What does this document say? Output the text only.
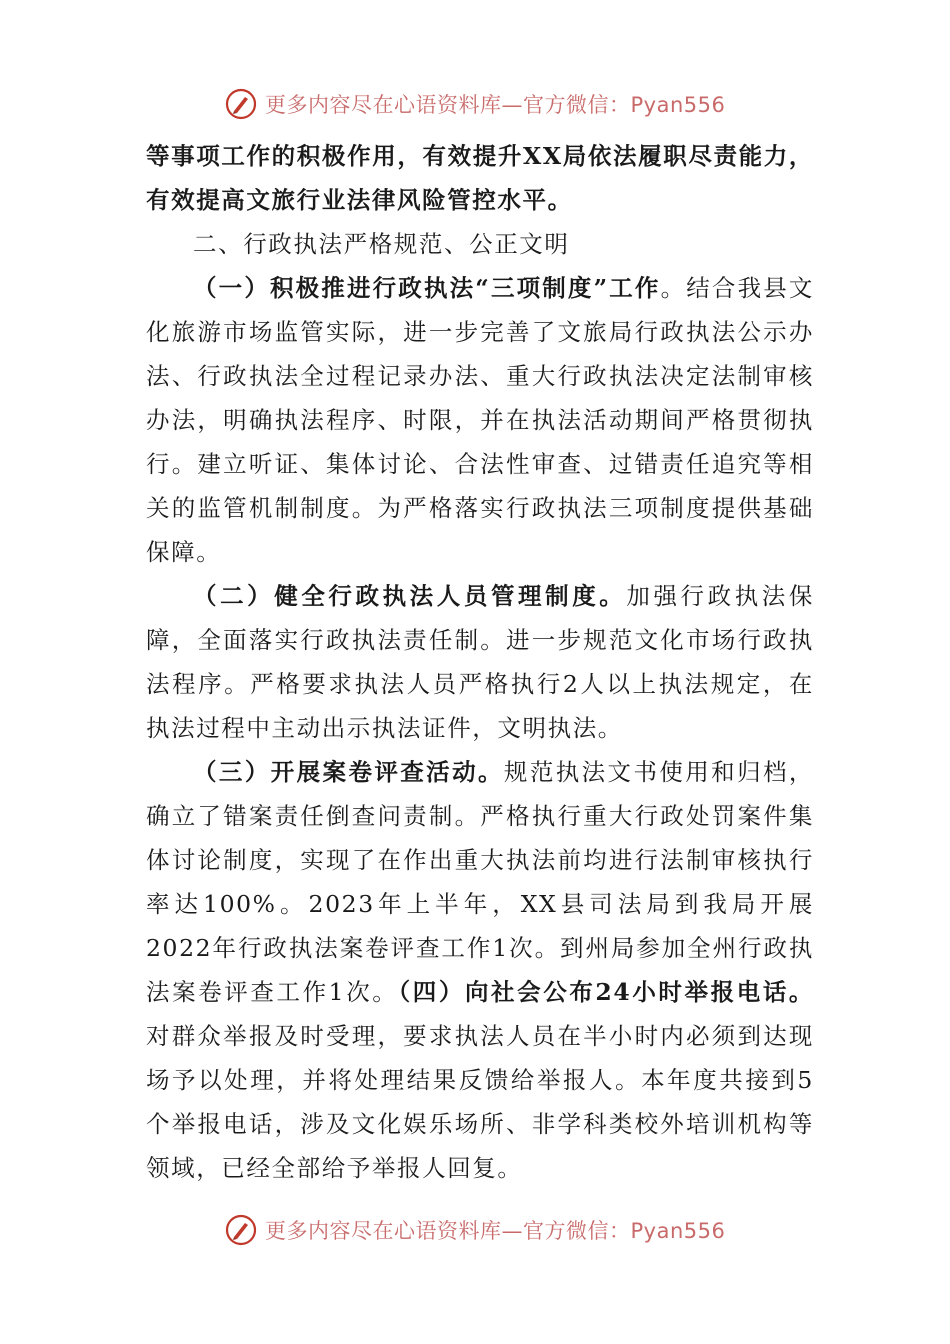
更多内容尽在心语资料库—官方微信：Pyan556

等事项工作的积极作用，有效提升XX局依法履职尽责能力，有效提高文旅行业法律风险管控水平。

二、行政执法严格规范、公正文明

（一）积极推进行政执法“三项制度”工作。结合我县文化旅游市场监管实际，进一步完善了文旅局行政执法公示办法、行政执法全过程记录办法、重大行政执法决定法制审核办法，明确执法程序、时限，并在执法活动期间严格贯彻执行。建立听证、集体讨论、合法性审查、过错责任追究等相关的监管机制制度。为严格落实行政执法三项制度提供基础保障。

（二）健全行政执法人员管理制度。加强行政执法保障，全面落实行政执法责任制。进一步规范文化市场行政执法程序。严格要求执法人员严格执行2人以上执法规定，在执法过程中主动出示执法证件，文明执法。

（三）开展案卷评查活动。规范执法文书使用和归档，确立了错案责任倒查问责制。严格执行重大行政处罚案件集体讨论制度，实现了在作出重大执法前均进行法制审核执行率达100%。2023年上半年，XX县司法局到我局开展2022年行政执法案卷评查工作1次。到州局参加全州行政执法案卷评查工作1次。（四）向社会公布24小时举报电话。对群众举报及时受理，要求执法人员在半小时内必须到达现场予以处理，并将处理结果反馈给举报人。本年度共接到5个举报电话，涉及文化娱乐场所、非学科类校外培训机构等领域，已经全部给予举报人回复。

更多内容尽在心语资料库—官方微信：Pyan556
